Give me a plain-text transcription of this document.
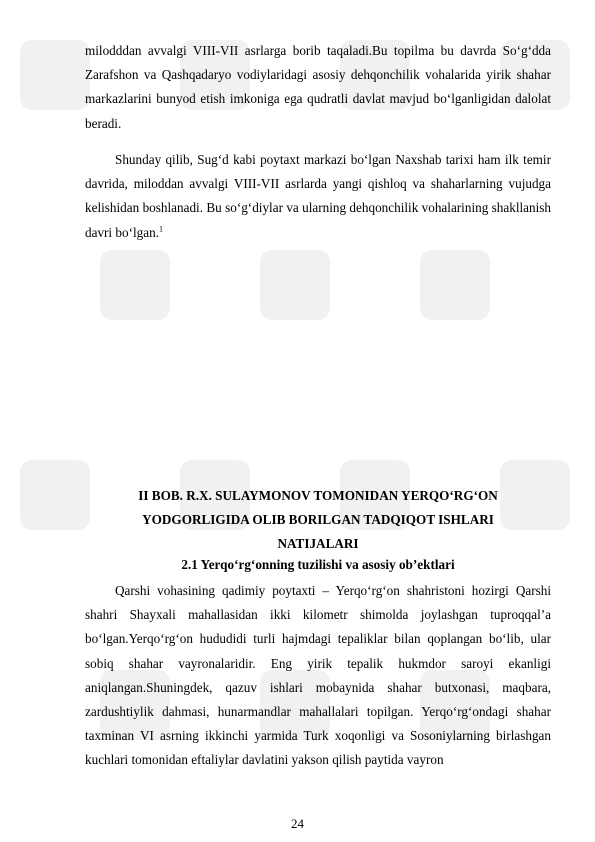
milodddan avvalgi VIII-VII asrlarga borib taqaladi.Bu topilma bu davrda So‘g‘dda Zarafshon va Qashqadaryo vodiylaridagi asosiy dehqonchilik vohalarida yirik shahar markazlarini bunyod etish imkoniga ega qudratli davlat mavjud bo‘lganligidan dalolat beradi.
Shunday qilib, Sug‘d kabi poytaxt markazi bo‘lgan Naxshab tarixi ham ilk temir davrida, miloddan avvalgi VIII-VII asrlarda yangi qishloq va shaharlarning vujudga kelishidan boshlanadi. Bu so‘g‘diylar va ularning dehqonchilik vohalarining shakllanish davri bo‘lgan.$^1$
II BOB. R.X. SULAYMONOV TOMONIDAN YERQO‘RG‘ON
YODGORLIGIDA OLIB BORILGAN TADQIQOT ISHLARI
NATIJALARI
2.1 Yerqo‘rg‘onning tuzilishi va asosiy ob’ektlari
Qarshi vohasining qadimiy poytaxti – Yerqo‘rg‘on shahristoni hozirgi Qarshi shahri Shayxali mahallasidan ikki kilometr shimolda joylashgan tuproqqal’a bo‘lgan.Yerqo‘rg‘on hududidi turli hajmdagi tepaliklar bilan qoplangan bo‘lib, ular sobiq shahar vayronalaridir. Eng yirik tepalik hukmdor saroyi ekanligi aniqlangan.Shuningdek, qazuv ishlari mobaynida shahar butxonasi, maqbara, zardushtiylik dahmasi, hunarmandlar mahallalari topilgan. Yerqo‘rg‘ondagi shahar taxminan VI asrning ikkinchi yarmida Turk xoqonligi va Sosoniylarning birlashgan kuchlari tomonidan eftaliylar davlatini yakson qilish paytida vayron
24
